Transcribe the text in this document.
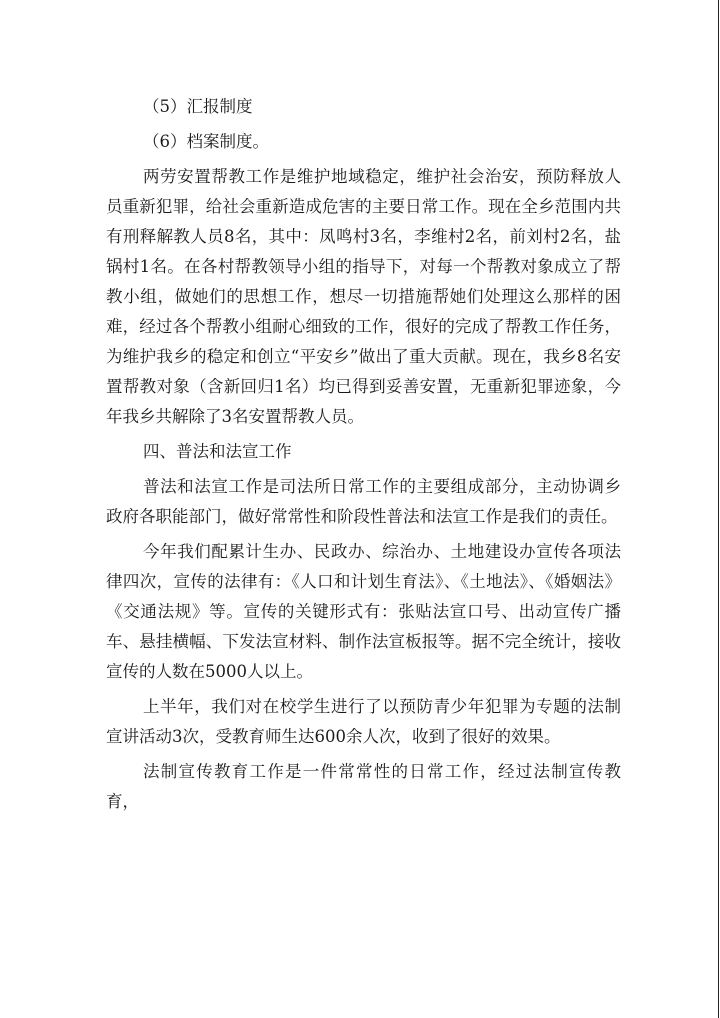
（5）汇报制度

（6）档案制度。

两劳安置帮教工作是维护地域稳定，维护社会治安，预防释放人员重新犯罪，给社会重新造成危害的主要日常工作。现在全乡范围内共有刑释解教人员8名，其中：凤鸣村3名，李维村2名，前刘村2名，盐锅村1名。在各村帮教领导小组的指导下，对每一个帮教对象成立了帮教小组，做她们的思想工作，想尽一切措施帮她们处理这么那样的困难，经过各个帮教小组耐心细致的工作，很好的完成了帮教工作任务，为维护我乡的稳定和创立“平安乡”做出了重大贡献。现在，我乡8名安置帮教对象（含新回归1名）均已得到妥善安置，无重新犯罪迹象，今年我乡共解除了3名安置帮教人员。

四、普法和法宣工作

普法和法宣工作是司法所日常工作的主要组成部分，主动协调乡政府各职能部门，做好常常性和阶段性普法和法宣工作是我们的责任。

今年我们配累计生办、民政办、综治办、土地建设办宣传各项法律四次，宣传的法律有：《人口和计划生育法》、《土地法》、《婚姻法》《交通法规》等。宣传的关键形式有：张贴法宣口号、出动宣传广播车、悬挂横幅、下发法宣材料、制作法宣板报等。据不完全统计，接收宣传的人数在5000人以上。

上半年，我们对在校学生进行了以预防青少年犯罪为专题的法制宣讲活动3次，受教育师生达600余人次，收到了很好的效果。

法制宣传教育工作是一件常常性的日常工作，经过法制宣传教育，
